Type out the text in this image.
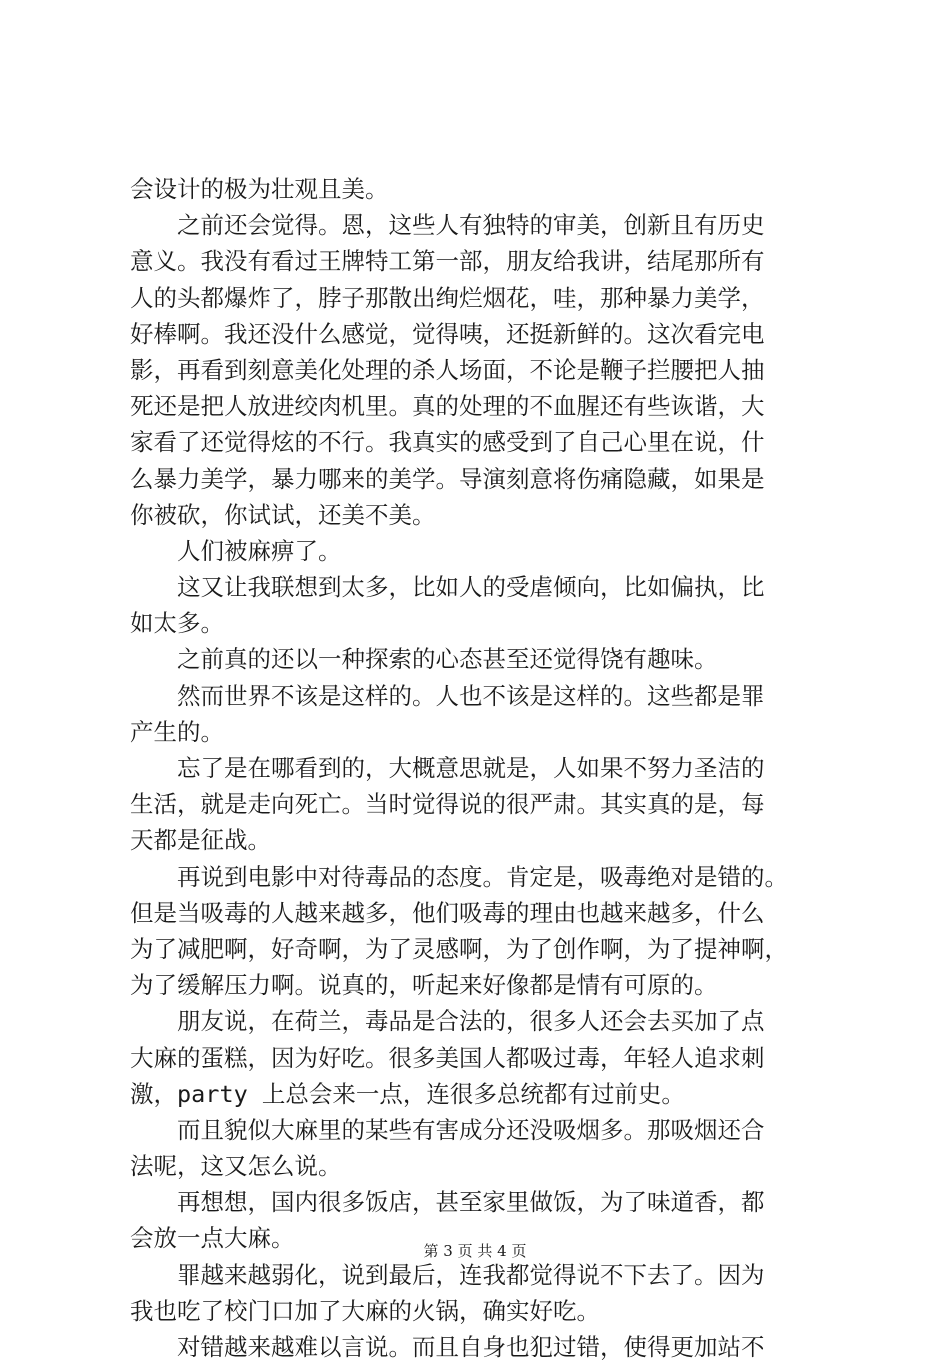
会设计的极为壮观且美。
　　之前还会觉得。恩，这些人有独特的审美，创新且有历史
意义。我没有看过王牌特工第一部，朋友给我讲，结尾那所有
人的头都爆炸了，脖子那散出绚烂烟花，哇，那种暴力美学，
好棒啊。我还没什么感觉，觉得咦，还挺新鲜的。这次看完电
影，再看到刻意美化处理的杀人场面，不论是鞭子拦腰把人抽
死还是把人放进绞肉机里。真的处理的不血腥还有些诙谐，大
家看了还觉得炫的不行。我真实的感受到了自己心里在说，什
么暴力美学，暴力哪来的美学。导演刻意将伤痛隐藏，如果是
你被砍，你试试，还美不美。
　　人们被麻痹了。
　　这又让我联想到太多，比如人的受虐倾向，比如偏执，比
如太多。
　　之前真的还以一种探索的心态甚至还觉得饶有趣味。
　　然而世界不该是这样的。人也不该是这样的。这些都是罪
产生的。
　　忘了是在哪看到的，大概意思就是，人如果不努力圣洁的
生活，就是走向死亡。当时觉得说的很严肃。其实真的是，每
天都是征战。
　　再说到电影中对待毒品的态度。肯定是，吸毒绝对是错的。
但是当吸毒的人越来越多，他们吸毒的理由也越来越多，什么
为了减肥啊，好奇啊，为了灵感啊，为了创作啊，为了提神啊，
为了缓解压力啊。说真的，听起来好像都是情有可原的。
　　朋友说，在荷兰，毒品是合法的，很多人还会去买加了点
大麻的蛋糕，因为好吃。很多美国人都吸过毒，年轻人追求刺
激，party 上总会来一点，连很多总统都有过前史。
　　而且貌似大麻里的某些有害成分还没吸烟多。那吸烟还合
法呢，这又怎么说。
　　再想想，国内很多饭店，甚至家里做饭，为了味道香，都
会放一点大麻。
　　罪越来越弱化，说到最后，连我都觉得说不下去了。因为
我也吃了校门口加了大麻的火锅，确实好吃。
　　对错越来越难以言说。而且自身也犯过错，使得更加站不
第 3 页 共 4 页
